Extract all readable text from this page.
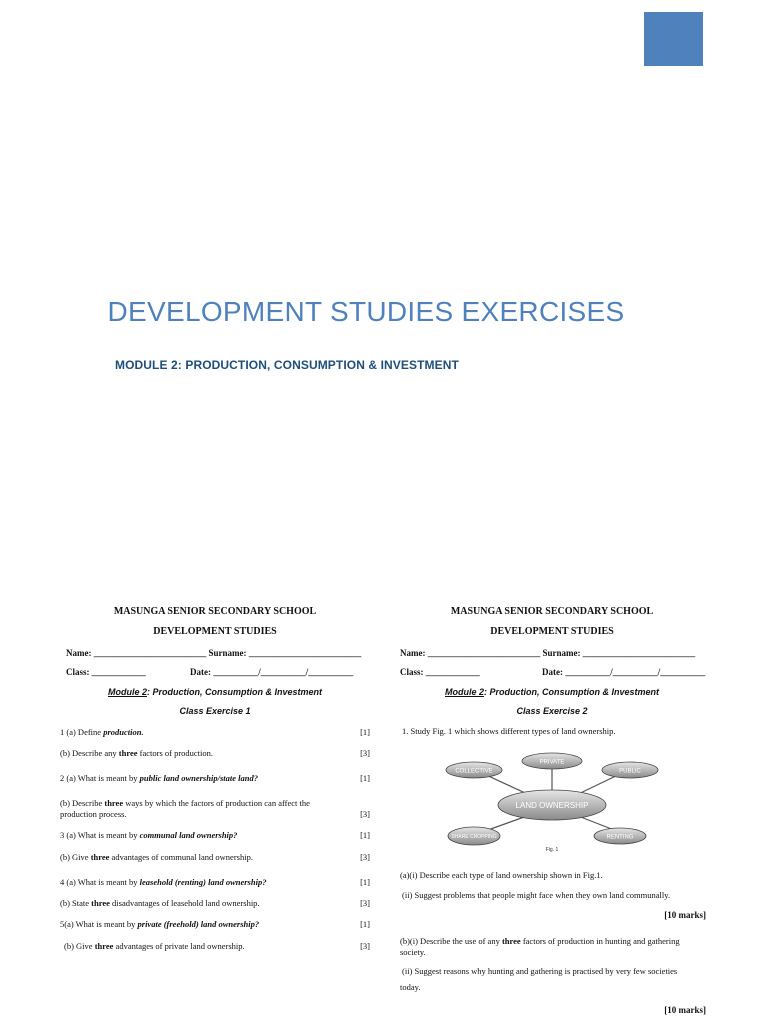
DEVELOPMENT STUDIES EXERCISES
MODULE 2: PRODUCTION, CONSUMPTION & INVESTMENT
MASUNGA SENIOR SECONDARY SCHOOL
DEVELOPMENT STUDIES
Name: _________________________ Surname: _________________________
Class: ____________	Date: __________/__________/__________
Module 2: Production, Consumption & Investment
Class Exercise 1
1 (a) Define production.	[1]
(b) Describe any three factors of production.	[3]
2 (a) What is meant by public land ownership/state land?	[1]
(b) Describe three ways by which the factors of production can affect the
production process.	[3]
3 (a) What is meant by communal land ownership?	[1]
(b) Give three advantages of communal land ownership.	[3]
4 (a) What is meant by leasehold (renting) land ownership?	[1]
(b) State three disadvantages of leasehold land ownership.	[3]
5(a) What is meant by private (freehold) land ownership?	[1]
(b) Give three advantages of private land ownership.	[3]
MASUNGA SENIOR SECONDARY SCHOOL
DEVELOPMENT STUDIES
Name: _________________________ Surname: _________________________
Class: ____________	Date: __________/__________/__________
Module 2: Production, Consumption & Investment
Class Exercise 2
1. Study Fig. 1 which shows different types of land ownership.
LAND OWNERSHIP
PRIVATE
COLLECTIVE	PUBLIC
SHARE CROPPING	RENTING
Fig. 1
(a)(i) Describe each type of land ownership shown in Fig.1.
(ii) Suggest problems that people might face when they own land communally.
[10 marks]
(b)(i) Describe the use of any three factors of production in hunting and gathering
society.
(ii) Suggest reasons why hunting and gathering is practised by very few societies
today.
[10 marks]
